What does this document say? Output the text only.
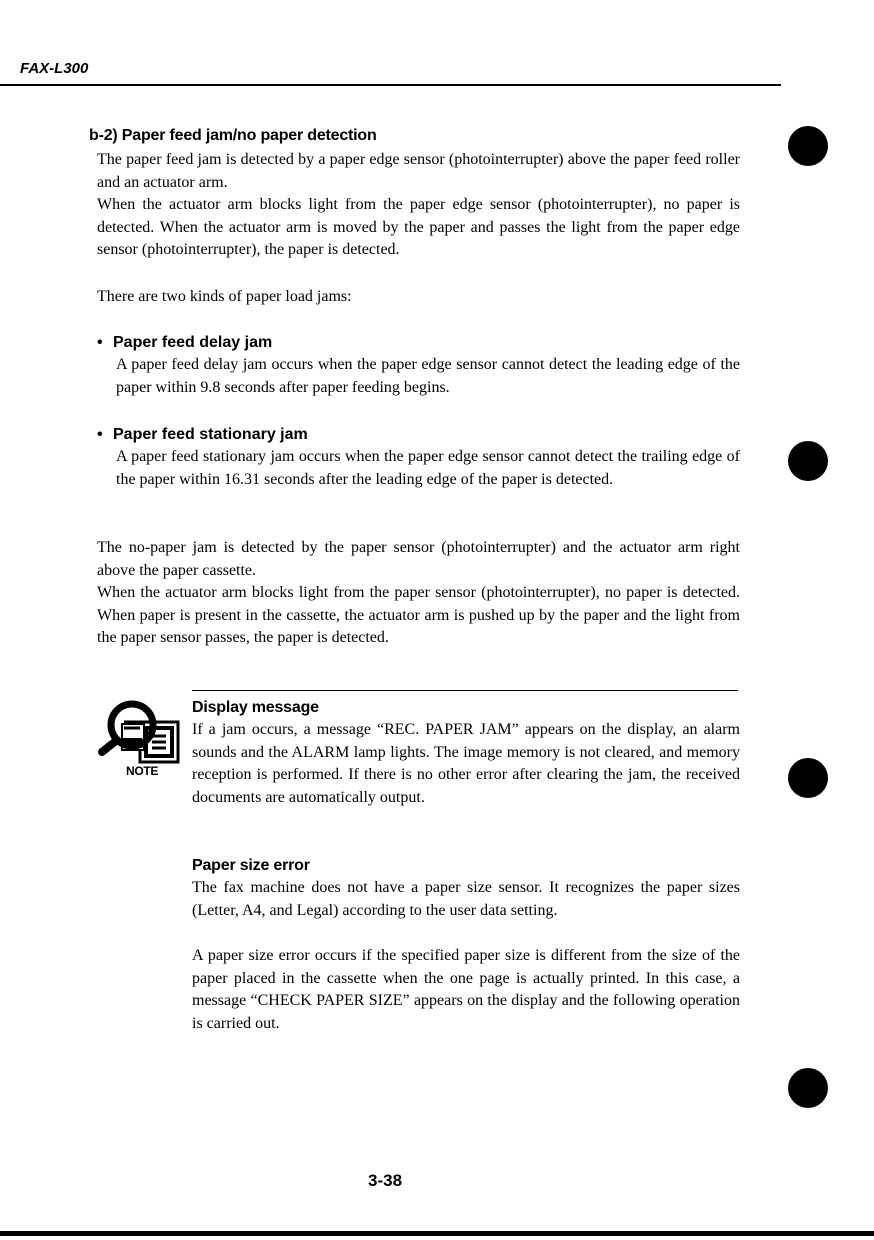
FAX-L300
b-2) Paper feed jam/no paper detection

The paper feed jam is detected by a paper edge sensor (photointerrupter) above the paper feed roller and an actuator arm.

When the actuator arm blocks light from the paper edge sensor (photointerrupter), no paper is detected. When the actuator arm is moved by the paper and passes the light from the paper edge sensor (photointerrupter), the paper is detected.

There are two kinds of paper load jams:

• Paper feed delay jam

A paper feed delay jam occurs when the paper edge sensor cannot detect the leading edge of the paper within 9.8 seconds after paper feeding begins.

• Paper feed stationary jam

A paper feed stationary jam occurs when the paper edge sensor cannot detect the trailing edge of the paper within 16.31 seconds after the leading edge of the paper is detected.

The no-paper jam is detected by the paper sensor (photointerrupter) and the actuator arm right above the paper cassette.

When the actuator arm blocks light from the paper sensor (photointerrupter), no paper is detected. When paper is present in the cassette, the actuator arm is pushed up by the paper and the light from the paper sensor passes, the paper is detected.

NOTE
Display message

If a jam occurs, a message “REC. PAPER JAM” appears on the display, an alarm sounds and the ALARM lamp lights. The image memory is not cleared, and memory reception is performed. If there is no other error after clearing the jam, the received documents are automatically output.

Paper size error

The fax machine does not have a paper size sensor. It recognizes the paper sizes (Letter, A4, and Legal) according to the user data setting.

A paper size error occurs if the specified paper size is different from the size of the paper placed in the cassette when the one page is actually printed. In this case, a message “CHECK PAPER SIZE” appears on the display and the following operation is carried out.

3-38
